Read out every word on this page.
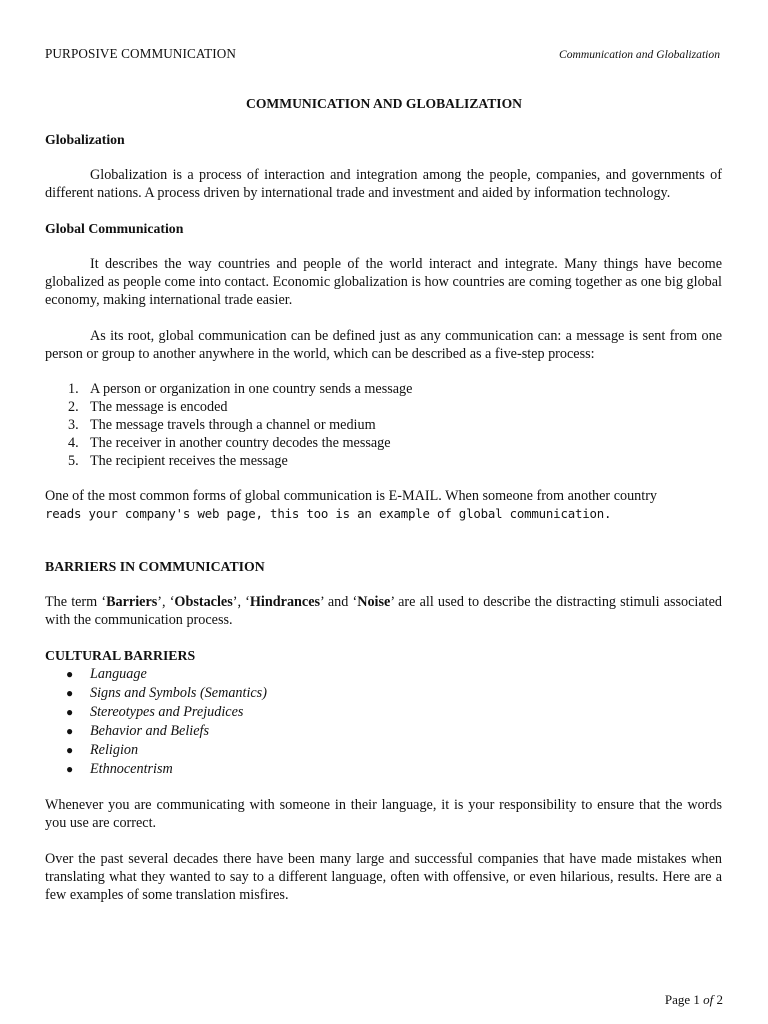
PURPOSIVE COMMUNICATION	Communication and Globalization
COMMUNICATION AND GLOBALIZATION
Globalization
Globalization is a process of interaction and integration among the people, companies, and governments of different nations. A process driven by international trade and investment and aided by information technology.
Global Communication
It describes the way countries and people of the world interact and integrate. Many things have become globalized as people come into contact. Economic globalization is how countries are coming together as one big global economy, making international trade easier.
As its root, global communication can be defined just as any communication can: a message is sent from one person or group to another anywhere in the world, which can be described as a five-step process:
1. A person or organization in one country sends a message
2. The message is encoded
3. The message travels through a channel or medium
4. The receiver in another country decodes the message
5. The recipient receives the message
One of the most common forms of global communication is E-MAIL. When someone from another country
reads your company's web page, this too is an example of global communication.
BARRIERS IN COMMUNICATION
The term ‘Barriers’, ‘Obstacles’, ‘Hindrances’ and ‘Noise’ are all used to describe the distracting stimuli associated with the communication process.
CULTURAL BARRIERS
● Language
● Signs and Symbols (Semantics)
● Stereotypes and Prejudices
● Behavior and Beliefs
● Religion
● Ethnocentrism
Whenever you are communicating with someone in their language, it is your responsibility to ensure that the words you use are correct.
Over the past several decades there have been many large and successful companies that have made mistakes when translating what they wanted to say to a different language, often with offensive, or even hilarious, results. Here are a few examples of some translation misfires.
Page 1 of 2
